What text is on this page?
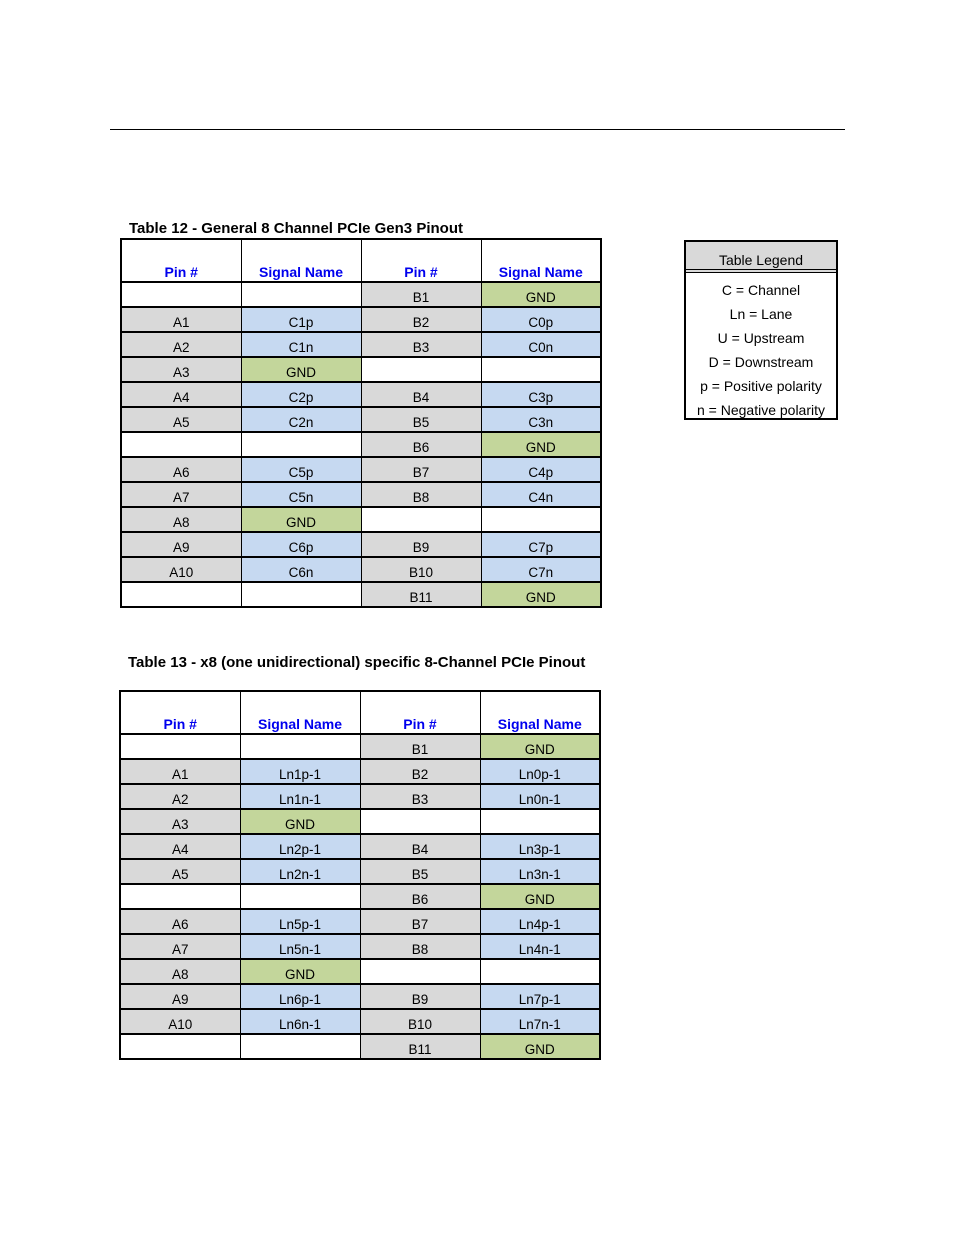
Table 12 - General 8 Channel PCIe Gen3 Pinout
Pin #	Signal Name	Pin #	Signal Name
		B1	GND
A1	C1p	B2	C0p
A2	C1n	B3	C0n
A3	GND		
A4	C2p	B4	C3p
A5	C2n	B5	C3n
		B6	GND
A6	C5p	B7	C4p
A7	C5n	B8	C4n
A8	GND		
A9	C6p	B9	C7p
A10	C6n	B10	C7n
		B11	GND
Table 13 - x8 (one unidirectional) specific 8-Channel PCIe Pinout
Pin #	Signal Name	Pin #	Signal Name
		B1	GND
A1	Ln1p-1	B2	Ln0p-1
A2	Ln1n-1	B3	Ln0n-1
A3	GND		
A4	Ln2p-1	B4	Ln3p-1
A5	Ln2n-1	B5	Ln3n-1
		B6	GND
A6	Ln5p-1	B7	Ln4p-1
A7	Ln5n-1	B8	Ln4n-1
A8	GND		
A9	Ln6p-1	B9	Ln7p-1
A10	Ln6n-1	B10	Ln7n-1
		B11	GND
Table Legend
C = Channel
Ln = Lane
U = Upstream
D = Downstream
p = Positive polarity
n = Negative polarity
